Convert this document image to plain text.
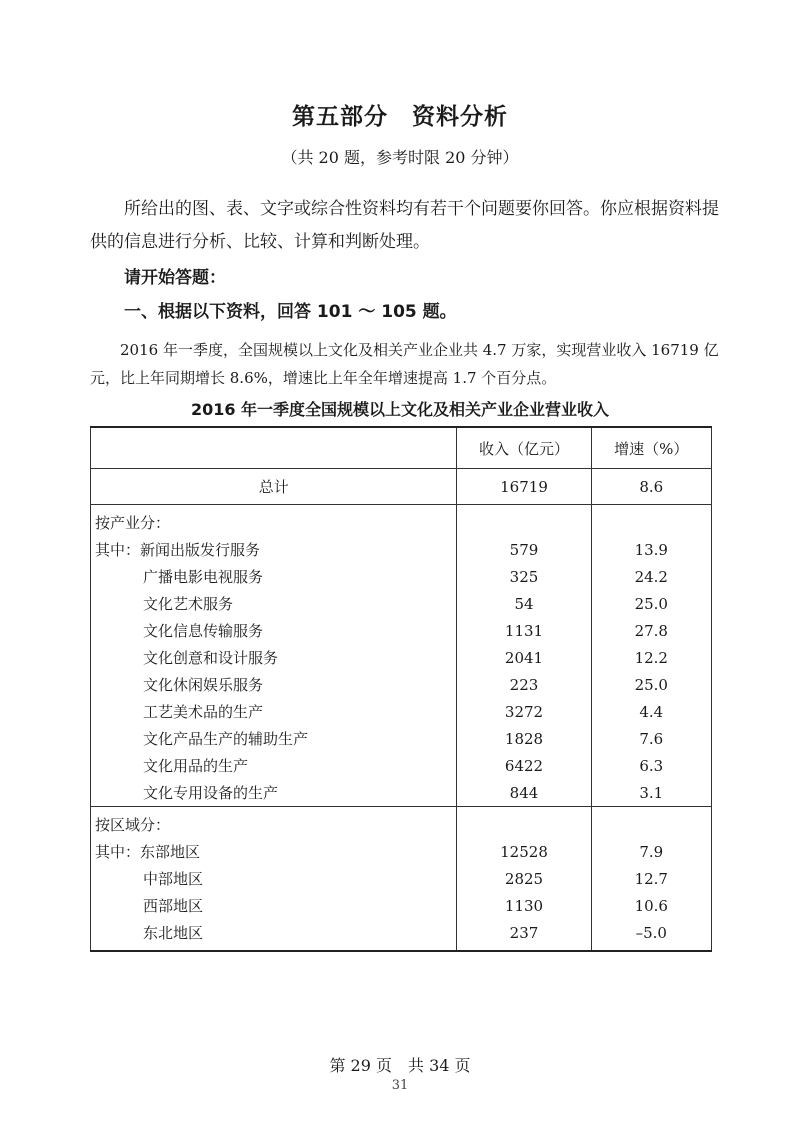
第五部分　资料分析
（共 20 题，参考时限 20 分钟）
所给出的图、表、文字或综合性资料均有若干个问题要你回答。你应根据资料提供的信息进行分析、比较、计算和判断处理。
请开始答题：
一、根据以下资料，回答 101 ～ 105 题。
2016 年一季度，全国规模以上文化及相关产业企业共 4.7 万家，实现营业收入 16719 亿元，比上年同期增长 8.6%，增速比上年全年增速提高 1.7 个百分点。
2016 年一季度全国规模以上文化及相关产业企业营业收入
	收入（亿元）	增速（%）
总计	16719	8.6
按产业分：		
其中：新闻出版发行服务	579	13.9
广播电影电视服务	325	24.2
文化艺术服务	54	25.0
文化信息传输服务	1131	27.8
文化创意和设计服务	2041	12.2
文化休闲娱乐服务	223	25.0
工艺美术品的生产	3272	4.4
文化产品生产的辅助生产	1828	7.6
文化用品的生产	6422	6.3
文化专用设备的生产	844	3.1
按区域分：		
其中：东部地区	12528	7.9
中部地区	2825	12.7
西部地区	1130	10.6
东北地区	237	–5.0
第 29 页　共 34 页
31
